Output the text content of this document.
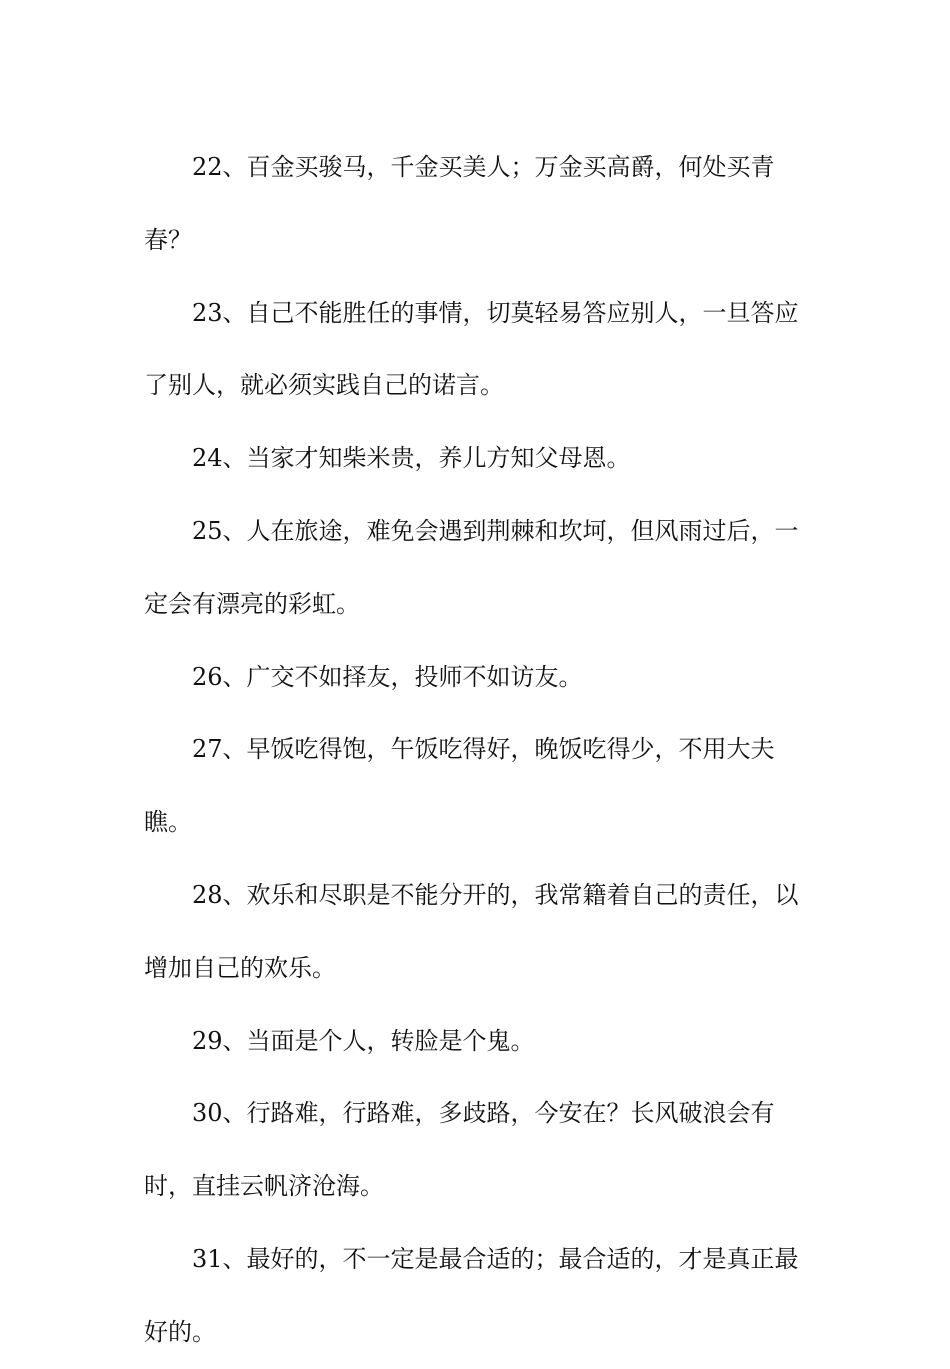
22、百金买骏马，千金买美人；万金买高爵，何处买青春？

23、自己不能胜任的事情，切莫轻易答应别人，一旦答应了别人，就必须实践自己的诺言。

24、当家才知柴米贵，养儿方知父母恩。

25、人在旅途，难免会遇到荆棘和坎坷，但风雨过后，一定会有漂亮的彩虹。

26、广交不如择友，投师不如访友。

27、早饭吃得饱，午饭吃得好，晚饭吃得少，不用大夫瞧。

28、欢乐和尽职是不能分开的，我常籍着自己的责任，以增加自己的欢乐。

29、当面是个人，转脸是个鬼。

30、行路难，行路难，多歧路，今安在？长风破浪会有时，直挂云帆济沧海。

31、最好的，不一定是最合适的；最合适的，才是真正最好的。
